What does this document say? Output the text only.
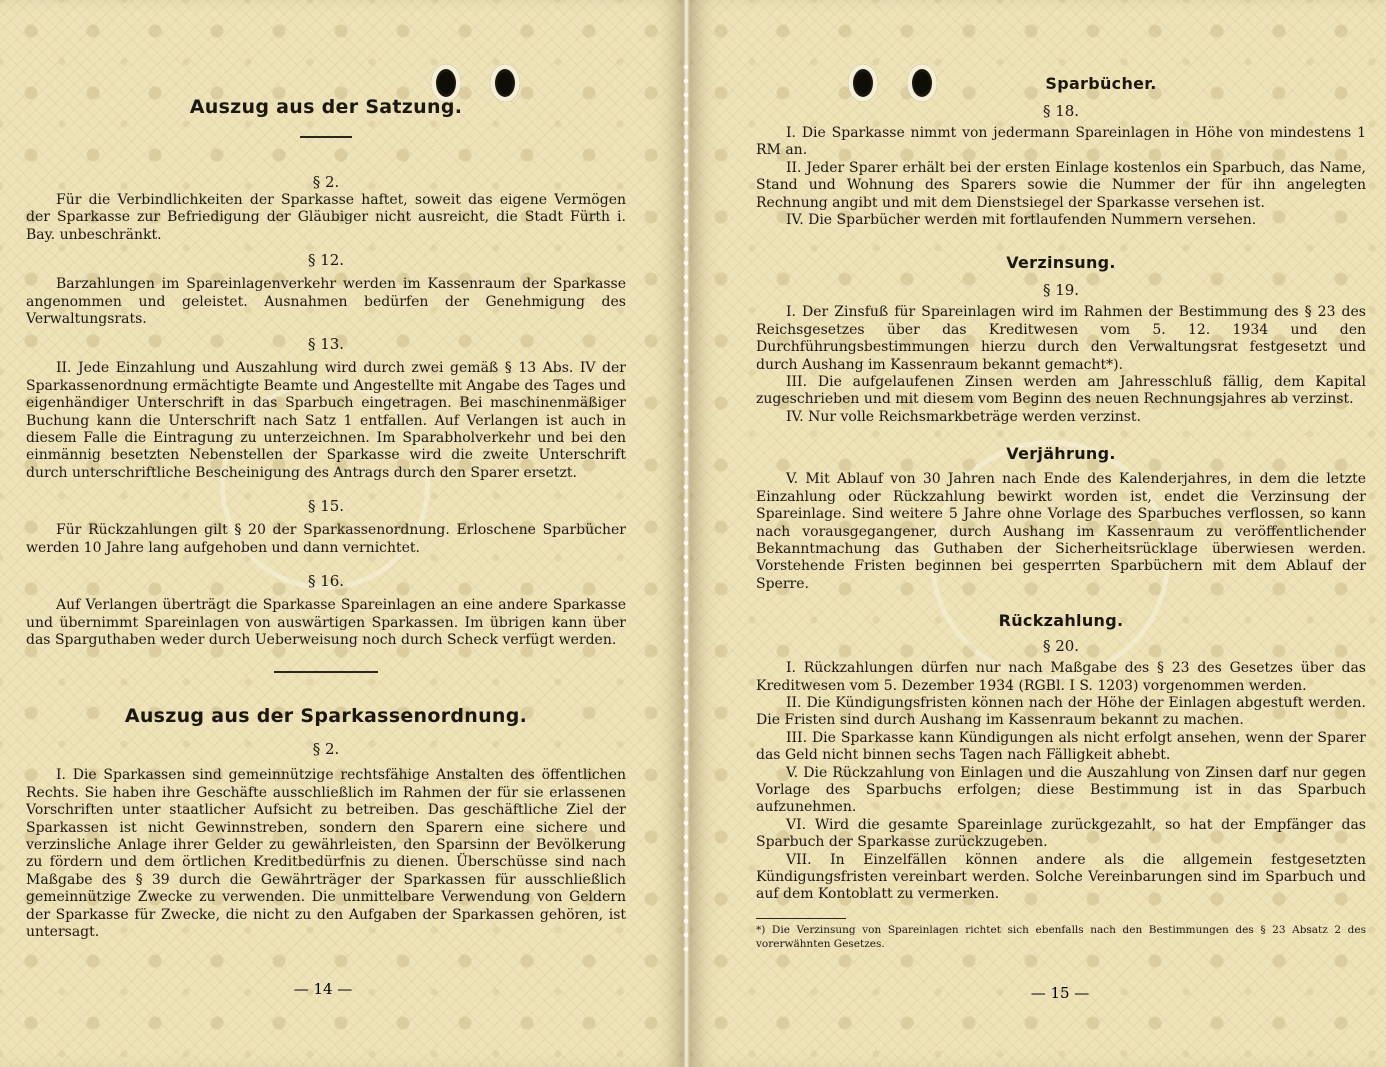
Auszug aus der Satzung.
§ 2.

Für die Verbindlichkeiten der Sparkasse haftet, soweit das eigene Vermögen der Sparkasse zur Befriedigung der Gläubiger nicht ausreicht, die Stadt Fürth i. Bay. unbeschränkt.

§ 12.

Barzahlungen im Spareinlagenverkehr werden im Kassenraum der Sparkasse angenommen und geleistet. Ausnahmen bedürfen der Genehmigung des Verwaltungsrats.

§ 13.

II. Jede Einzahlung und Auszahlung wird durch zwei gemäß § 13 Abs. IV der Sparkassenordnung ermächtigte Beamte und Angestellte mit Angabe des Tages und eigenhändiger Unterschrift in das Sparbuch eingetragen. Bei maschinenmäßiger Buchung kann die Unterschrift nach Satz 1 entfallen. Auf Verlangen ist auch in diesem Falle die Eintragung zu unterzeichnen. Im Sparabholverkehr und bei den einmännig besetzten Nebenstellen der Sparkasse wird die zweite Unterschrift durch unterschriftliche Bescheinigung des Antrags durch den Sparer ersetzt.

§ 15.

Für Rückzahlungen gilt § 20 der Sparkassenordnung. Erloschene Sparbücher werden 10 Jahre lang aufgehoben und dann vernichtet.

§ 16.

Auf Verlangen überträgt die Sparkasse Spareinlagen an eine andere Sparkasse und übernimmt Spareinlagen von auswärtigen Sparkassen. Im übrigen kann über das Sparguthaben weder durch Ueberweisung noch durch Scheck verfügt werden.

Auszug aus der Sparkassenordnung.
§ 2.

I. Die Sparkassen sind gemeinnützige rechtsfähige Anstalten des öffentlichen Rechts. Sie haben ihre Geschäfte ausschließlich im Rahmen der für sie erlassenen Vorschriften unter staatlicher Aufsicht zu betreiben. Das geschäftliche Ziel der Sparkassen ist nicht Gewinnstreben, sondern den Sparern eine sichere und verzinsliche Anlage ihrer Gelder zu gewährleisten, den Sparsinn der Bevölkerung zu fördern und dem örtlichen Kreditbedürfnis zu dienen. Überschüsse sind nach Maßgabe des § 39 durch die Gewährträger der Sparkassen für ausschließlich gemeinnützige Zwecke zu verwenden. Die unmittelbare Verwendung von Geldern der Sparkasse für Zwecke, die nicht zu den Aufgaben der Sparkassen gehören, ist untersagt.

— 14 —
Sparbücher.
§ 18.

I. Die Sparkasse nimmt von jedermann Spareinlagen in Höhe von mindestens 1 RM an.

II. Jeder Sparer erhält bei der ersten Einlage kostenlos ein Sparbuch, das Name, Stand und Wohnung des Sparers sowie die Nummer der für ihn angelegten Rechnung angibt und mit dem Dienstsiegel der Sparkasse versehen ist.

IV. Die Sparbücher werden mit fortlaufenden Nummern versehen.

Verzinsung.
§ 19.

I. Der Zinsfuß für Spareinlagen wird im Rahmen der Bestimmung des § 23 des Reichsgesetzes über das Kreditwesen vom 5. 12. 1934 und den Durchführungsbestimmungen hierzu durch den Verwaltungsrat festgesetzt und durch Aushang im Kassenraum bekannt gemacht*).

III. Die aufgelaufenen Zinsen werden am Jahresschluß fällig, dem Kapital zugeschrieben und mit diesem vom Beginn des neuen Rechnungsjahres ab verzinst.

IV. Nur volle Reichsmarkbeträge werden verzinst.

Verjährung.

V. Mit Ablauf von 30 Jahren nach Ende des Kalenderjahres, in dem die letzte Einzahlung oder Rückzahlung bewirkt worden ist, endet die Verzinsung der Spareinlage. Sind weitere 5 Jahre ohne Vorlage des Sparbuches verflossen, so kann nach vorausgegangener, durch Aushang im Kassenraum zu veröffentlichender Bekanntmachung das Guthaben der Sicherheitsrücklage überwiesen werden. Vorstehende Fristen beginnen bei gesperrten Sparbüchern mit dem Ablauf der Sperre.

Rückzahlung.
§ 20.

I. Rückzahlungen dürfen nur nach Maßgabe des § 23 des Gesetzes über das Kreditwesen vom 5. Dezember 1934 (RGBl. I S. 1203) vorgenommen werden.

II. Die Kündigungsfristen können nach der Höhe der Einlagen abgestuft werden. Die Fristen sind durch Aushang im Kassenraum bekannt zu machen.

III. Die Sparkasse kann Kündigungen als nicht erfolgt ansehen, wenn der Sparer das Geld nicht binnen sechs Tagen nach Fälligkeit abhebt.

V. Die Rückzahlung von Einlagen und die Auszahlung von Zinsen darf nur gegen Vorlage des Sparbuchs erfolgen; diese Bestimmung ist in das Sparbuch aufzunehmen.

VI. Wird die gesamte Spareinlage zurückgezahlt, so hat der Empfänger das Sparbuch der Sparkasse zurückzugeben.

VII. In Einzelfällen können andere als die allgemein festgesetzten Kündigungsfristen vereinbart werden. Solche Vereinbarungen sind im Sparbuch und auf dem Kontoblatt zu vermerken.

*) Die Verzinsung von Spareinlagen richtet sich ebenfalls nach den Bestimmungen des § 23 Absatz 2 des vorerwähnten Gesetzes.

— 15 —
